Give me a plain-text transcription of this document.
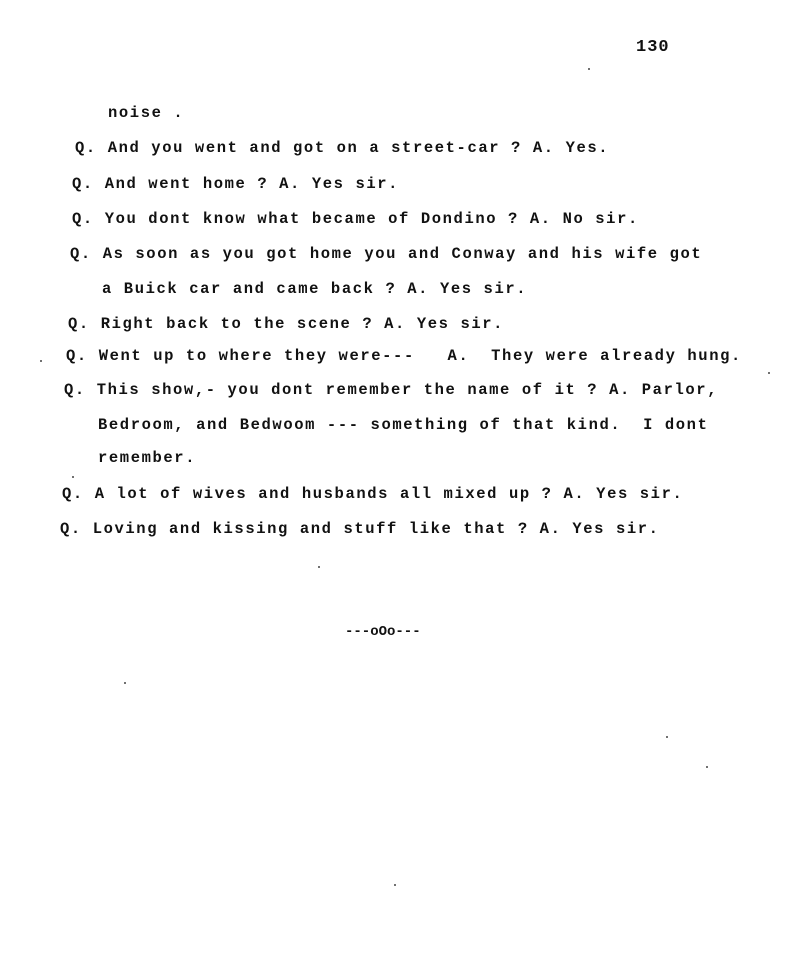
130
noise .
Q. And you went and got on a street-car ? A. Yes.
Q. And went home ? A. Yes sir.
Q. You dont know what became of Dondino ? A. No sir.
Q. As soon as you got home you and Conway and his wife got
a Buick car and came back ? A. Yes sir.
Q. Right back to the scene ? A. Yes sir.
Q. Went up to where they were---   A.  They were already hung.
Q. This show,- you dont remember the name of it ? A. Parlor,
Bedroom, and Bedwoom --- something of that kind.  I dont
remember.
Q. A lot of wives and husbands all mixed up ? A. Yes sir.
Q. Loving and kissing and stuff like that ? A. Yes sir.
---oOo---
